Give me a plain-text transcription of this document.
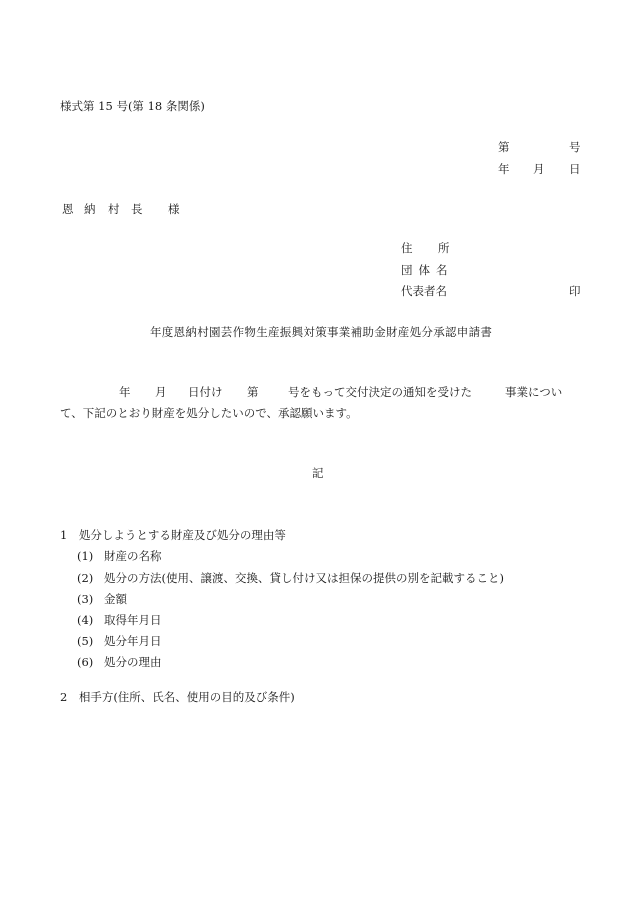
様式第 15 号(第 18 条関係)
第	号
年 月 日

恩

納

村

長

様

住 所
団体名
代表者名	印
年度恩納村園芸作物生産振興対策事業補助金財産処分承認申請書

年

月

日付け

第

	号をもって交付決定の通知を受けた

	事業につい

て、下記のとおり財産を処分したいので、承認願います。
記
1　処分しようとする財産及び処分の理由等
(1) 財産の名称
(2) 処分の方法(使用、譲渡、交換、貸し付け又は担保の提供の別を記載すること)
(3) 金額
(4) 取得年月日
(5) 処分年月日
(6) 処分の理由
2　相手方(住所、氏名、使用の目的及び条件)
